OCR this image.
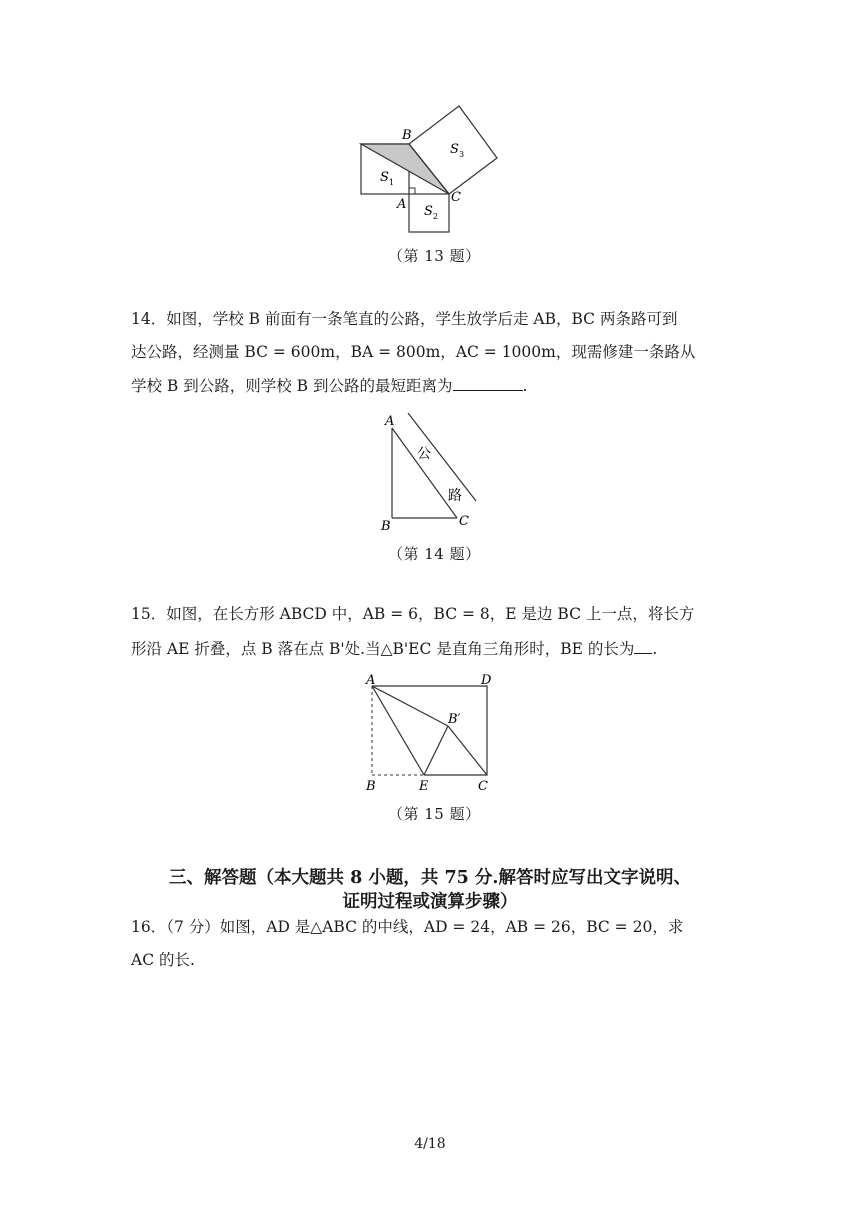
B
A	C
S 1
S 2
S 3
（第 13 题）
14．如图，学校 B 前面有一条笔直的公路，学生放学后走 AB，BC 两条路可到
达公路，经测量 BC = 600m，BA = 800m，AC = 1000m，现需修建一条路从
学校 B 到公路，则学校 B 到公路的最短距离为	.
A
B	C
公
路
（第 14 题）
15．如图，在长方形 ABCD 中，AB = 6，BC = 8，E 是边 BC 上一点，将长方
形沿 AE 折叠，点 B 落在点 B'处.当△B'EC 是直角三角形时，BE 的长为 .
A	D
B′
B	E	C
（第 15 题）
三、解答题（本大题共 8 小题，共 75 分.解答时应写出文字说明、
证明过程或演算步骤）
16．（7 分）如图，AD 是△ABC 的中线，AD = 24，AB = 26，BC = 20，求
AC 的长.
4/18
